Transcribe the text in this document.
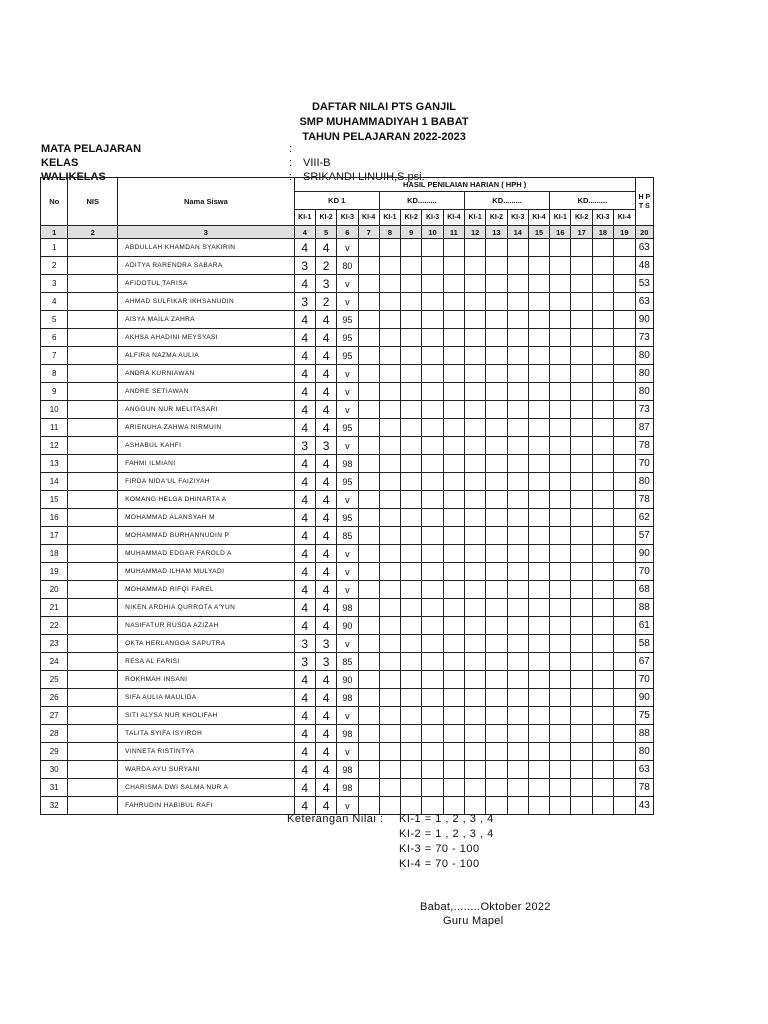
DAFTAR NILAI PTS GANJIL
SMP MUHAMMADIYAH 1 BABAT
TAHUN PELAJARAN 2022-2023
MATA PELAJARAN	:
KELAS	: VIII-B
WALIKELAS	: SRIKANDI LINUIH,S.psi.
No	NIS	Nama Siswa	HASIL PENILAIAN HARIAN ( HPH )																H P T S
			KD 1				KD.........				KD.........				KD.........				
			KI-1	KI-2	KI-3	KI-4	KI-1	KI-2	KI-3	KI-4	KI-1	KI-2	KI-3	KI-4	KI-1	KI-2	KI-3	KI-4	
1	2	3	4	5	6	7	8	9	10	11	12	13	14	15	16	17	18	19	20
1		ABDULLAH KHAMDAN SYAKIRIN	4	4	v														63
2		ADITYA RARENDRA SABARA	3	2	80														48
3		AFIDOTUL TARISA	4	3	v														53
4		AHMAD SULFIKAR IKHSANUDIN	3	2	v														63
5		AISYA MAILA ZAHRA	4	4	95														90
6		AKHSA AHADINI MEYSYASI	4	4	95														73
7		ALFIRA NAZMA AULIA	4	4	95														80
8		ANDRA KURNIAWAN	4	4	v														80
9		ANDRE SETIAWAN	4	4	v														80
10		ANGGUN NUR MELITASARI	4	4	v														73
11		ARIENUHA ZAHWA NIRMUIN	4	4	95														87
12		ASHABUL KAHFI	3	3	v														78
13		FAHMI ILMIANI	4	4	98														70
14		FIRDA NIDA'UL FAIZIYAH	4	4	95														80
15		KOMANG HELGA DHINARTA A	4	4	v														78
16		MOHAMMAD ALANSYAH M	4	4	95														62
17		MOHAMMAD BURHANNUDIN P	4	4	85														57
18		MUHAMMAD EDGAR FAROLD A	4	4	v														90
19		MUHAMMAD ILHAM MULYADI	4	4	v														70
20		MOHAMMAD RIFQI FAREL	4	4	v														68
21		NIKEN ARDHIA QURROTA A'YUN	4	4	98														88
22		NASIFATUR RUSDA AZIZAH	4	4	90														61
23		OKTA HERLANGGA SAPUTRA	3	3	v														58
24		RESA AL FARISI	3	3	85														67
25		ROKHMAH INSANI	4	4	90														70
26		SIFA AULIA MAULIDA	4	4	98														90
27		SITI ALYSA NUR KHOLIFAH	4	4	v														75
28		TALITA SYIFA ISYIROH	4	4	98														88
29		VINNETA RISTINTYA	4	4	v														80
30		WARDA AYU SURYANI	4	4	98														63
31		CHARISMA DWI SALMA NUR A	4	4	98														78
32		FAHRUDIN HABIBUL RAFI	4	4	v														43
Keterangan Nilai : KI-1 = 1 , 2 , 3 , 4
KI-2 = 1 , 2 , 3 , 4
KI-3 = 70 - 100
KI-4 = 70 - 100
Babat,........Oktober 2022
Guru Mapel
